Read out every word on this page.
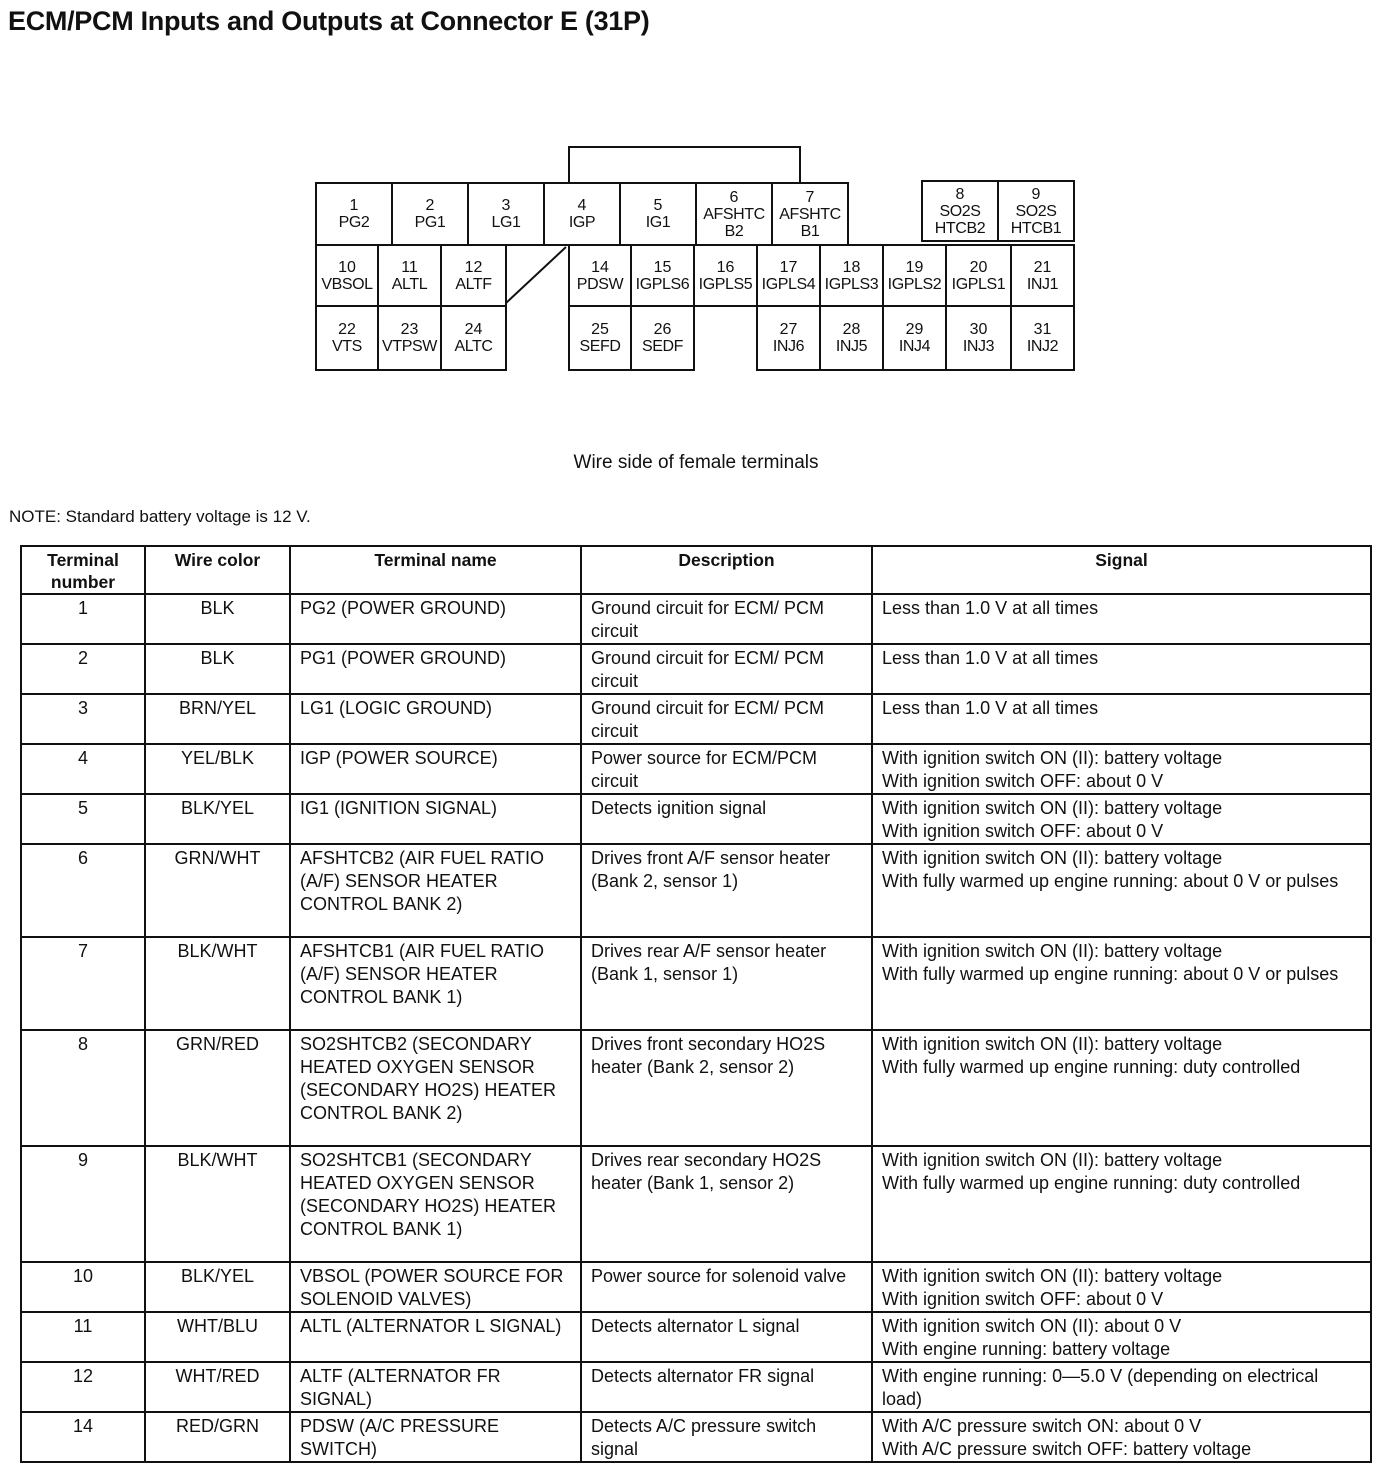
ECM/PCM Inputs and Outputs at Connector E (31P)
1
PG2
2
PG1
3
LG1
4
IGP
5
IG1
6
AFSHTC
B2
7
AFSHTC
B1
8
SO2S
HTCB2
9
SO2S
HTCB1
10
VBSOL
11
ALTL
12
ALTF
14
PDSW
15
IGPLS6
16
IGPLS5
17
IGPLS4
18
IGPLS3
19
IGPLS2
20
IGPLS1
21
INJ1
22
VTS
23
VTPSW
24
ALTC
25
SEFD
26
SEDF
27
INJ6
28
INJ5
29
INJ4
30
INJ3
31
INJ2
Wire side of female terminals
NOTE: Standard battery voltage is 12 V.
Terminal number	Wire color	Terminal name	Description	Signal
1	BLK	PG2 (POWER GROUND)	Ground circuit for ECM/ PCM circuit	Less than 1.0 V at all times
2	BLK	PG1 (POWER GROUND)	Ground circuit for ECM/ PCM circuit	Less than 1.0 V at all times
3	BRN/YEL	LG1 (LOGIC GROUND)	Ground circuit for ECM/ PCM circuit	Less than 1.0 V at all times
4	YEL/BLK	IGP (POWER SOURCE)	Power source for ECM/PCM circuit	With ignition switch ON (II): battery voltage
With ignition switch OFF: about 0 V
5	BLK/YEL	IG1 (IGNITION SIGNAL)	Detects ignition signal	With ignition switch ON (II): battery voltage
With ignition switch OFF: about 0 V
6	GRN/WHT	AFSHTCB2 (AIR FUEL RATIO (A/F) SENSOR HEATER CONTROL BANK 2)	Drives front A/F sensor heater (Bank 2, sensor 1)	With ignition switch ON (II): battery voltage
With fully warmed up engine running: about 0 V or pulses
7	BLK/WHT	AFSHTCB1 (AIR FUEL RATIO (A/F) SENSOR HEATER CONTROL BANK 1)	Drives rear A/F sensor heater (Bank 1, sensor 1)	With ignition switch ON (II): battery voltage
With fully warmed up engine running: about 0 V or pulses
8	GRN/RED	SO2SHTCB2 (SECONDARY HEATED OXYGEN SENSOR (SECONDARY HO2S) HEATER CONTROL BANK 2)	Drives front secondary HO2S heater (Bank 2, sensor 2)	With ignition switch ON (II): battery voltage
With fully warmed up engine running: duty controlled
9	BLK/WHT	SO2SHTCB1 (SECONDARY HEATED OXYGEN SENSOR (SECONDARY HO2S) HEATER CONTROL BANK 1)	Drives rear secondary HO2S heater (Bank 1, sensor 2)	With ignition switch ON (II): battery voltage
With fully warmed up engine running: duty controlled
10	BLK/YEL	VBSOL (POWER SOURCE FOR SOLENOID VALVES)	Power source for solenoid valve	With ignition switch ON (II): battery voltage
With ignition switch OFF: about 0 V
11	WHT/BLU	ALTL (ALTERNATOR L SIGNAL)	Detects alternator L signal	With ignition switch ON (II): about 0 V
With engine running: battery voltage
12	WHT/RED	ALTF (ALTERNATOR FR SIGNAL)	Detects alternator FR signal	With engine running: 0—5.0 V (depending on electrical load)
14	RED/GRN	PDSW (A/C PRESSURE SWITCH)	Detects A/C pressure switch signal	With A/C pressure switch ON: about 0 V
With A/C pressure switch OFF: battery voltage
